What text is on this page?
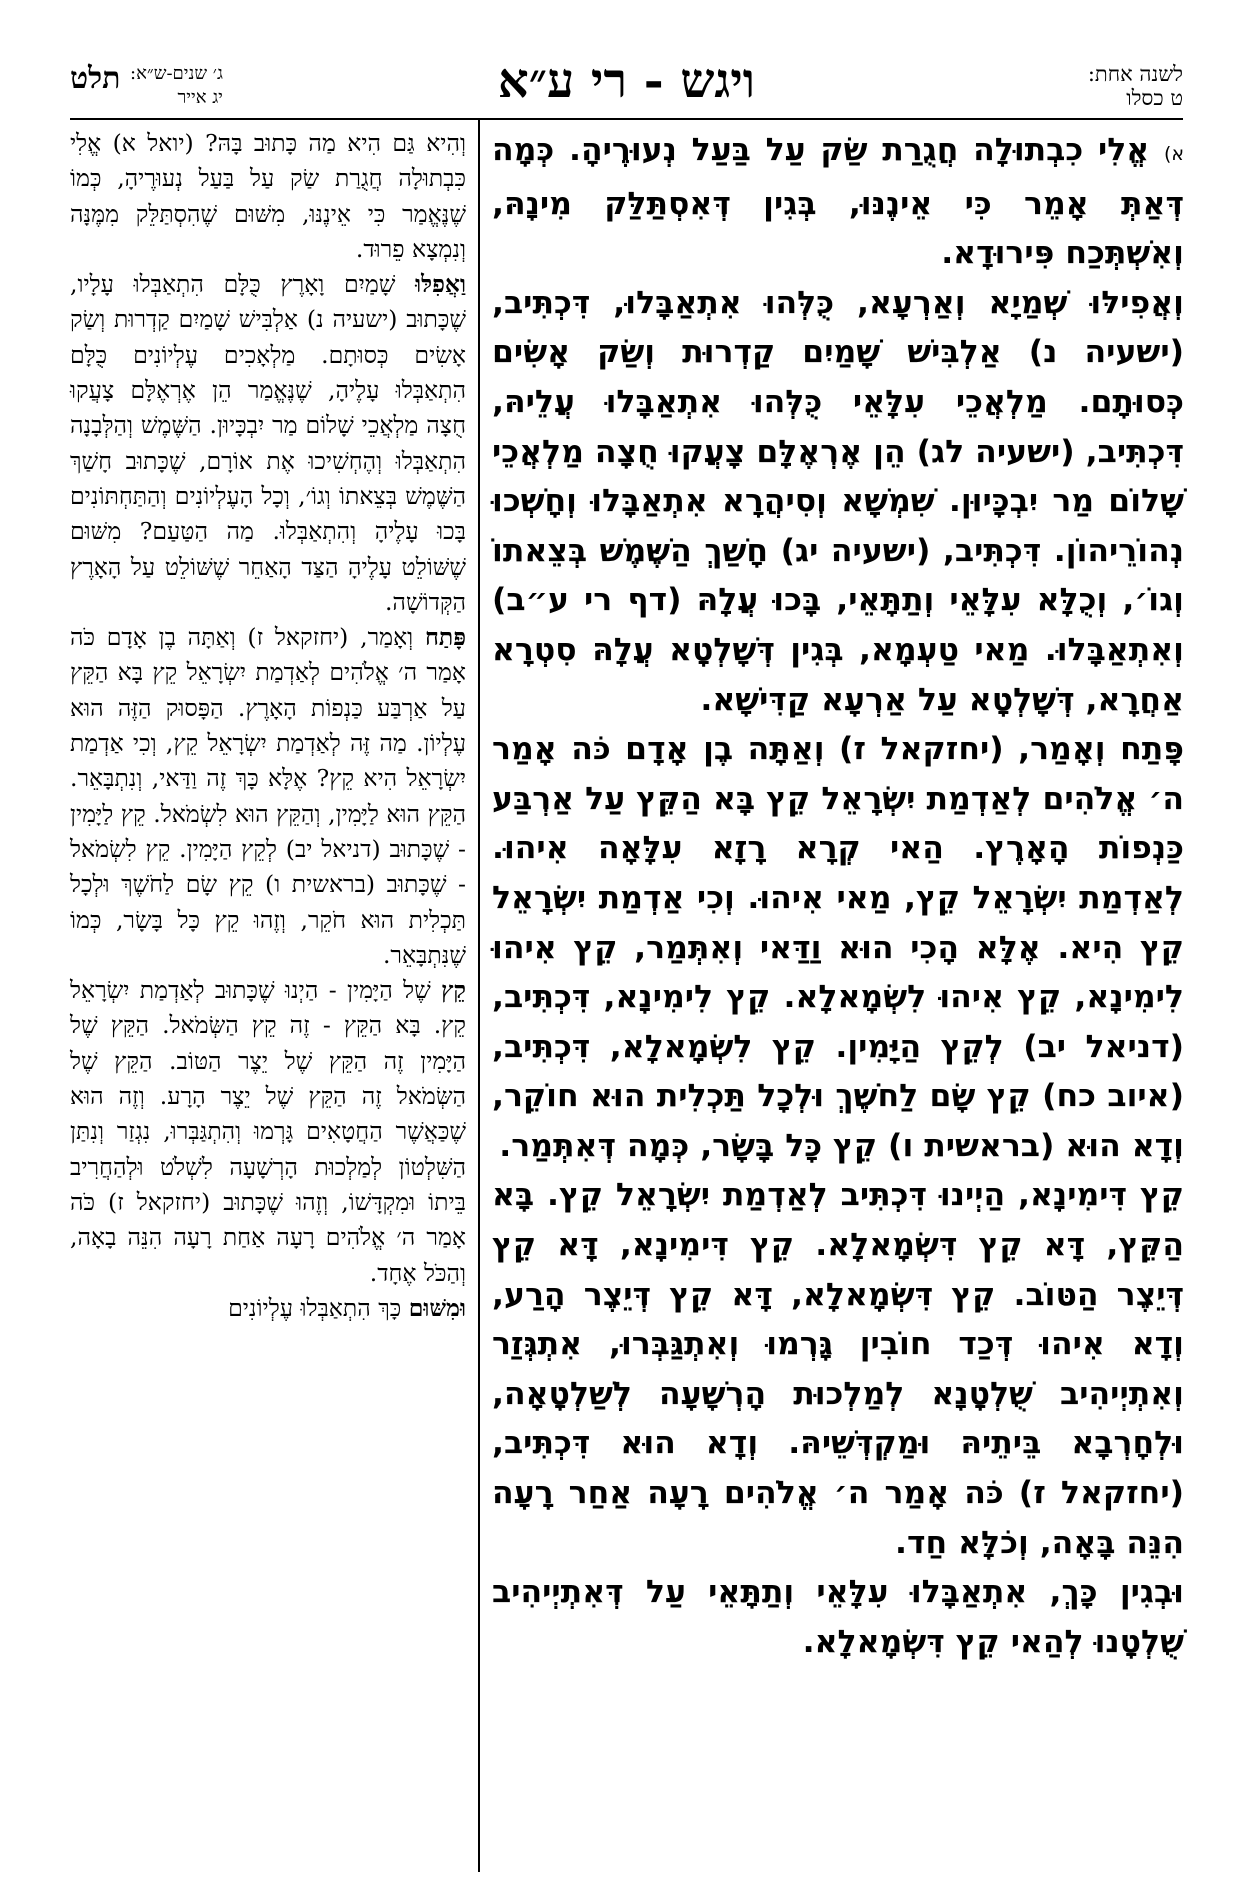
לשנה אחת:
ט כסלו
ויגש - רי ע״א
ג׳ שנים-ש״א:
יג אייר
תלט

א) אֱלִי כִבְתוּלָה חֲגֻרַת שַׂק עַל בַּעַל נְעוּרֶיהָ. כְּמָה דְּאַתְּ אָמֵר כִּי אֵינֶנּוּ, בְּגִין דְּאִסְתַּלַּק מִינָהּ, וְאִשְׁתְּכַח פִּירוּדָא.

וְאֲפִילּוּ שְׁמַיָא וְאַרְעָא, כֻּלְּהוּ אִתְאַבָּלוּ, דִּכְתִּיב, (ישעיה נ) אַלְבִּישׁ שָׁמַיִם קַדְרוּת וְשַׂק אָשִׂים כְּסוּתָם. מַלְאֲכֵי עִלָּאֵי כֻּלְּהוּ אִתְאַבָּלוּ עֲלֵיהּ, דִּכְתִּיב, (ישעיה לג) הֵן אֶרְאֶלָּם צָעֲקוּ חֻצָה מַלְאֲכֵי שָׁלוֹם מַר יִבְכָּיוּן. שִׁמְשָׁא וְסִיהֲרָא אִתְאַבָּלוּ וְחָשְׁכוּ נְהוֹרֵיהוֹן. דִּכְתִּיב, (ישעיה יג) חָשַׁךְ הַשֶּׁמֶשׁ בְּצֵאתוֹ וְגוֹ׳, וְכֻלָּא עִלָּאֵי וְתַתָּאֵי, בָּכוּ עֲלָהּ (דף רי ע״ב) וְאִתְאַבָּלוּ. מַאי טַעְמָא, בְּגִין דְּשָׁלְטָא עֲלָהּ סִטְרָא אַחֲרָא, דְּשָׁלְטָא עַל אַרְעָא קַדִּישָׁא.

פָּתַח וְאָמַר, (יחזקאל ז) וְאַתָּה בֶן אָדָם כֹּה אָמַר ה׳ אֱלֹהִים לְאַדְמַת יִשְׂרָאֵל קֵץ בָּא הַקֵּץ עַל אַרְבַּע כַּנְפוֹת הָאָרֶץ. הַאי קְרָא רָזָא עִלָּאָה אִיהוּ. לְאַדְמַת יִשְׂרָאֵל קֵץ, מַאי אִיהוּ. וְכִי אַדְמַת יִשְׂרָאֵל קֵץ הִיא. אֶלָּא הָכִי הוּא וַדַּאי וְאִתְּמַר, קֵץ אִיהוּ לִימִינָא, קֵץ אִיהוּ לִשְׂמָאלָא. קֵץ לִימִינָא, דִּכְתִּיב, (דניאל יב) לְקֵץ הַיָּמִין. קֵץ לִשְׂמָאלָא, דִּכְתִּיב, (איוב כח) קֵץ שָׂם לַחֹשֶׁךְ וּלְכָל תַּכְלִית הוּא חוֹקֵר, וְדָא הוּא (בראשית ו) קֵץ כָּל בָּשָׂר, כְּמָה דְּאִתְּמַר.

קֵץ דִּימִינָא, הַיְינוּ דִּכְתִּיב לְאַדְמַת יִשְׂרָאֵל קֵץ. בָּא הַקֵּץ, דָּא קֵץ דִּשְׂמָאלָא. קֵץ דִּימִינָא, דָּא קֵץ דְּיֵצֶר הַטּוֹב. קֵץ דִּשְׂמָאלָא, דָּא קֵץ דְּיֵצֶר הָרַע, וְדָא אִיהוּ דְּכַד חוֹבִין גָּרְמוּ וְאִתְגַּבְּרוּ, אִתְגְּזַר וְאִתְיְיהִיב שֻׁלְטָנָא לְמַלְכוּת הָרְשָׁעָה לְשַׁלְטָאָה, וּלְחָרְבָא בֵּיתֵיהּ וּמַקְדְּשֵׁיהּ. וְדָא הוּא דִּכְתִּיב, (יחזקאל ז) כֹּה אָמַר ה׳ אֱלֹהִים רָעָה אַחַר רָעָה הִנֵּה בָּאָה, וְכֹלָּא חַד.

וּבְגִין כָּךְ, אִתְאַבָּלוּ עִלָּאֵי וְתַתָּאֵי עַל דְּאִתְיְיהִיב שֻׁלְטָנוּ לְהַאי קֵץ דִּשְׂמָאלָא.

וְהִיא גַּם הִיא מַה כָּתוּב בָּהּ? (יואל א) אֱלִי כִּבְתוּלָה חֲגֻרַת שַׂק עַל בַּעַל נְעוּרֶיהָ, כְּמוֹ שֶׁנֶּאֱמַר כִּי אֵינֶנּוּ, מִשּׁוּם שֶׁהִסְתַּלֵּק מִמֶּנָּה וְנִמְצָא פֵרוּד.

וַאֲפִלּוּ שָׁמַיִם וָאָרֶץ כֻּלָּם הִתְאַבְּלוּ עָלָיו, שֶׁכָּתוּב (ישעיה נ) אַלְבִּישׁ שָׁמַיִם קַדְרוּת וְשַׂק אָשִׂים כְּסוּתָם. מַלְאָכִים עֶלְיוֹנִים כֻּלָּם הִתְאַבְּלוּ עָלֶיהָ, שֶׁנֶּאֱמַר הֵן אֶרְאֶלָּם צָעֲקוּ חֻצָה מַלְאֲכֵי שָׁלוֹם מַר יִבְכָּיוּן. הַשֶּׁמֶשׁ וְהַלְּבָנָה הִתְאַבְּלוּ וְהֶחְשִׁיכוּ אֶת אוֹרָם, שֶׁכָּתוּב חָשַׁךְ הַשֶּׁמֶשׁ בְּצֵאתוֹ וְגוֹ׳, וְכָל הָעֶלְיוֹנִים וְהַתַּחְתּוֹנִים בָּכוּ עָלֶיהָ וְהִתְאַבְּלוּ. מַה הַטַּעַם? מִשּׁוּם שֶׁשּׁוֹלֵט עָלֶיהָ הַצַּד הָאַחֵר שֶׁשּׁוֹלֵט עַל הָאָרֶץ הַקְּדוֹשָׁה.

פָּתַח וְאָמַר, (יחזקאל ז) וְאַתָּה בֶן אָדָם כֹּה אָמַר ה׳ אֱלֹהִים לְאַדְמַת יִשְׂרָאֵל קֵץ בָּא הַקֵּץ עַל אַרְבַּע כַּנְפוֹת הָאָרֶץ. הַפָּסוּק הַזֶּה הוּא עֶלְיוֹן. מַה זֶּה לְאַדְמַת יִשְׂרָאֵל קֵץ, וְכִי אַדְמַת יִשְׂרָאֵל הִיא קֵץ? אֶלָּא כָּךְ זֶה וַדַּאי, וְנִתְבָּאֵר. הַקֵּץ הוּא לַיָּמִין, וְהַקֵּץ הוּא לִשְׂמֹאל. קֵץ לַיָּמִין - שֶׁכָּתוּב (דניאל יב) לְקֵץ הַיָּמִין. קֵץ לִשְׂמֹאל - שֶׁכָּתוּב (בראשית ו) קֵץ שָׂם לַחֹשֶׁךְ וּלְכָל תַּכְלִית הוּא חֹקֵר, וְזֶהוּ קֵץ כָּל בָּשָׂר, כְּמוֹ שֶׁנִּתְבָּאֵר.

קֵץ שֶׁל הַיָּמִין - הַיְנוּ שֶׁכָּתוּב לְאַדְמַת יִשְׂרָאֵל קֵץ. בָּא הַקֵּץ - זֶה קֵץ הַשְּׂמֹאל. הַקֵּץ שֶׁל הַיָּמִין זֶה הַקֵּץ שֶׁל יֵצֶר הַטּוֹב. הַקֵּץ שֶׁל הַשְּׂמֹאל זֶה הַקֵּץ שֶׁל יֵצֶר הָרָע. וְזֶה הוּא שֶׁכַּאֲשֶׁר הַחֲטָאִים גָּרְמוּ וְהִתְגַּבְּרוּ, נִגְזַר וְנִתַּן הַשִּׁלְטוֹן לְמַלְכוּת הָרְשָׁעָה לִשְׁלֹט וּלְהַחֲרִיב בֵּיתוֹ וּמִקְדָּשׁוֹ, וְזֶהוּ שֶׁכָּתוּב (יחזקאל ז) כֹּה אָמַר ה׳ אֱלֹהִים רָעָה אַחַת רָעָה הִנֵּה בָאָה, וְהַכֹּל אֶחָד.

וּמִשּׁוּם כָּךְ הִתְאַבְּלוּ עֶלְיוֹנִים
